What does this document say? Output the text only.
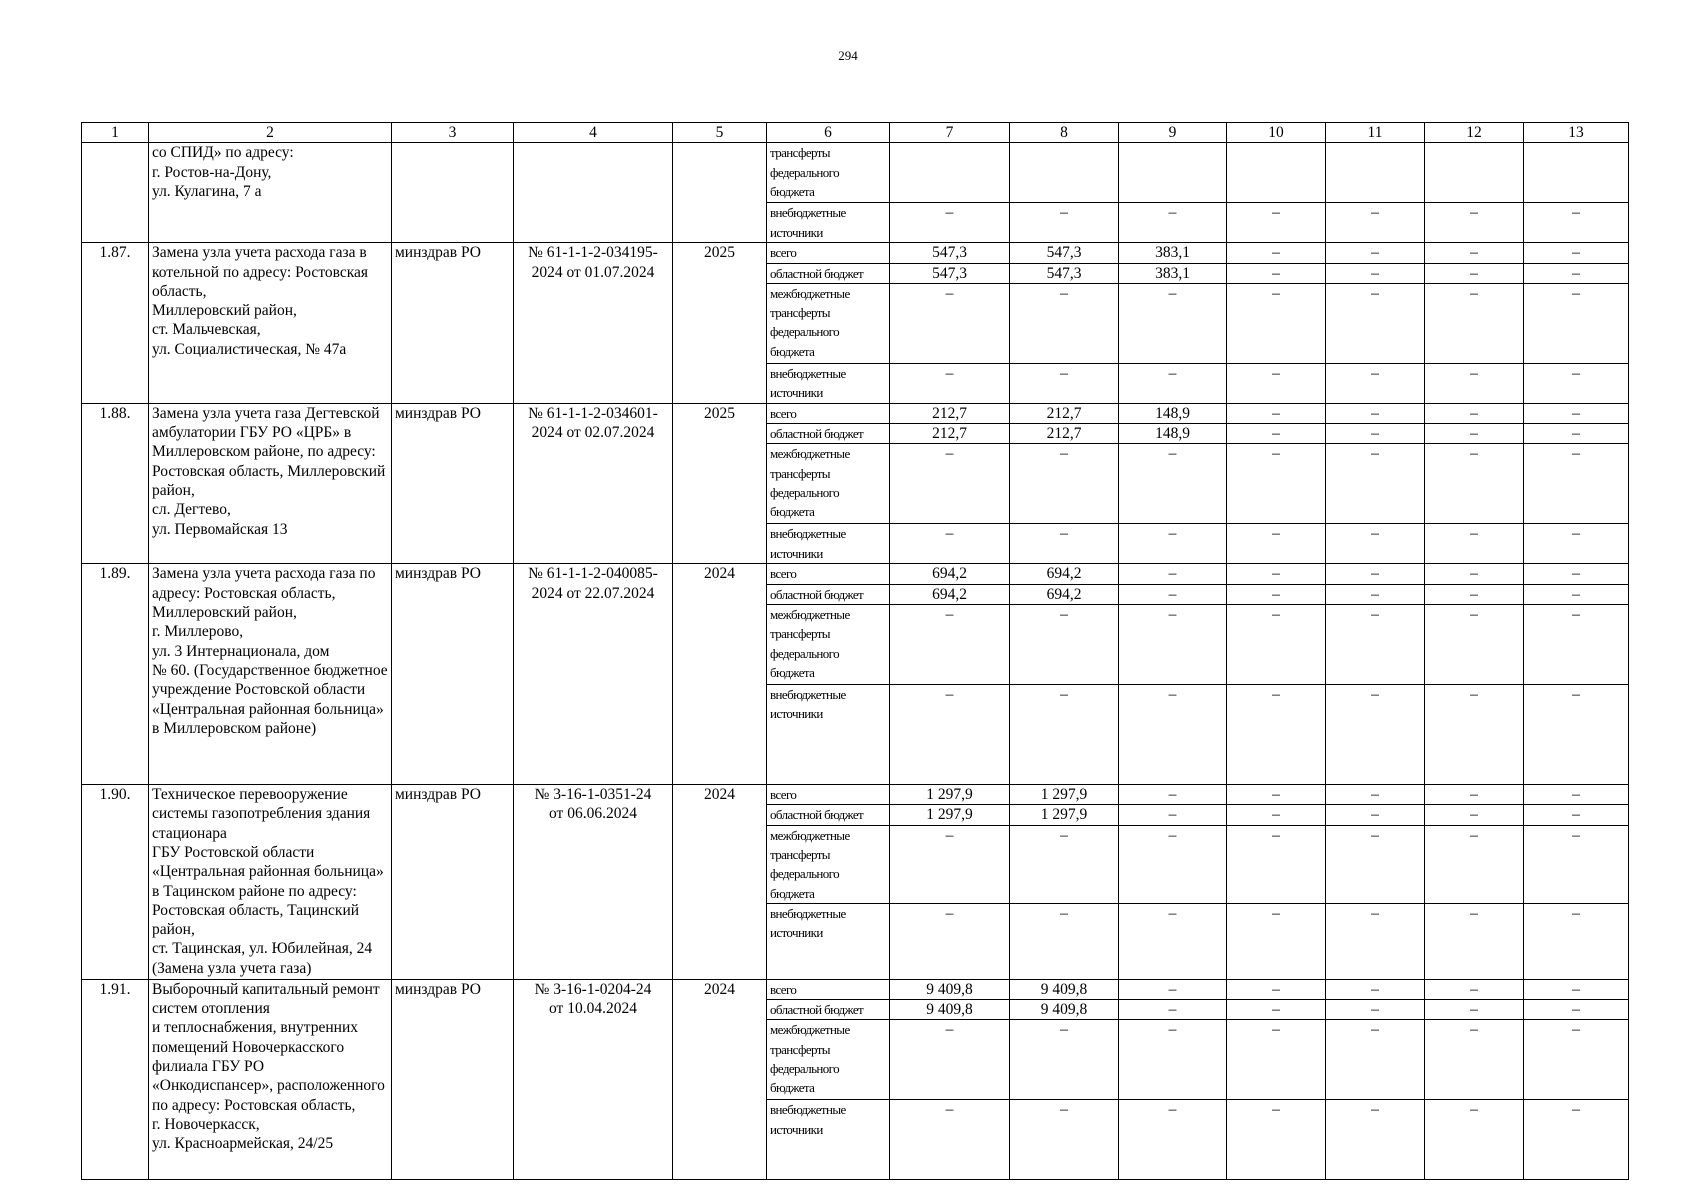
294
1	2	3	4	5	6	7	8	9	10	11	12	13
	со СПИД» по адресу:
г. Ростов-на-Дону,
ул. Кулагина, 7 а				трансферты
федерального
бюджета							
					внебюджетные
источники	–	–	–	–	–	–	–
1.87.	Замена узла учета расхода газа в котельной по адресу: Ростовская область,
Миллеровский район,
ст. Мальчевская,
ул. Социалистическая, № 47а	минздрав РО	№ 61-1-1-2-034195-2024 от 01.07.2024	2025	всего	547,3	547,3	383,1	–	–	–	–
					областной бюджет	547,3	547,3	383,1	–	–	–	–
					межбюджетные
трансферты
федерального
бюджета	–	–	–	–	–	–	–
					внебюджетные
источники	–	–	–	–	–	–	–
1.88.	Замена узла учета газа Дегтевской амбулатории ГБУ РО «ЦРБ» в Миллеровском районе, по адресу: Ростовская область, Миллеровский район,
сл. Дегтево,
ул. Первомайская 13	минздрав РО	№ 61-1-1-2-034601-2024 от 02.07.2024	2025	всего	212,7	212,7	148,9	–	–	–	–
					областной бюджет	212,7	212,7	148,9	–	–	–	–
					межбюджетные
трансферты
федерального
бюджета	–	–	–	–	–	–	–
					внебюджетные
источники	–	–	–	–	–	–	–
1.89.	Замена узла учета расхода газа по адресу: Ростовская область, Миллеровский район,
г. Миллерово,
ул. 3 Интернационала, дом
№ 60. (Государственное бюджетное учреждение Ростовской области «Центральная районная больница» в Миллеровском районе)	минздрав РО	№ 61-1-1-2-040085-2024 от 22.07.2024	2024	всего	694,2	694,2	–	–	–	–	–
					областной бюджет	694,2	694,2	–	–	–	–	–
					межбюджетные
трансферты
федерального
бюджета	–	–	–	–	–	–	–
					внебюджетные
источники	–	–	–	–	–	–	–
1.90.	Техническое перевооружение системы газопотребления здания стационара
ГБУ Ростовской области «Центральная районная больница» в Тацинском районе по адресу: Ростовская область, Тацинский район,
ст. Тацинская, ул. Юбилейная, 24 (Замена узла учета газа)	минздрав РО	№ 3-16-1-0351-24
от 06.06.2024	2024	всего	1 297,9	1 297,9	–	–	–	–	–
					областной бюджет	1 297,9	1 297,9	–	–	–	–	–
					межбюджетные
трансферты
федерального
бюджета	–	–	–	–	–	–	–
					внебюджетные
источники	–	–	–	–	–	–	–
1.91.	Выборочный капитальный ремонт систем отопления
и теплоснабжения, внутренних помещений Новочеркасского филиала ГБУ РО «Онкодиспансер», расположенного по адресу: Ростовская область,
г. Новочеркасск,
ул. Красноармейская, 24/25	минздрав РО	№ 3-16-1-0204-24
от 10.04.2024	2024	всего	9 409,8	9 409,8	–	–	–	–	–
					областной бюджет	9 409,8	9 409,8	–	–	–	–	–
					межбюджетные
трансферты
федерального
бюджета	–	–	–	–	–	–	–
					внебюджетные
источники	–	–	–	–	–	–	–
